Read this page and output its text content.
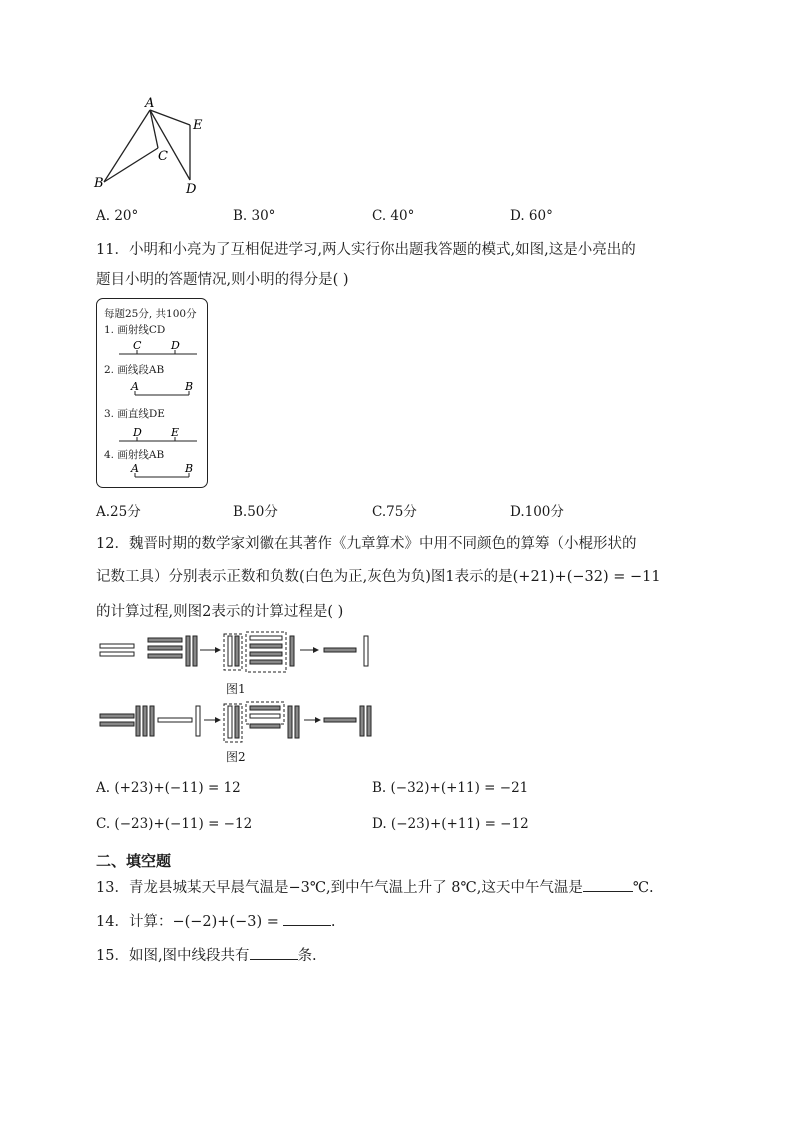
A
B
C
D
E
A. 20°	B. 30°	C. 40°	D. 60°
11．小明和小亮为了互相促进学习,两人实行你出题我答题的模式,如图,这是小亮出的
题目小明的答题情况,则小明的得分是( )
每题25分, 共100分
1. 画射线CD
2. 画线段AB
3. 画直线DE
4. 画射线AB
C	D
A	B
D	E
A	B
A.25分	B.50分	C.75分	D.100分
12．魏晋时期的数学家刘徽在其著作《九章算术》中用不同颜色的算筹（小棍形状的
记数工具）分别表示正数和负数(白色为正,灰色为负)图1表示的是(+21)+(−32) = −11
的计算过程,则图2表示的计算过程是( )
图1
图2
A. (+23)+(−11) = 12	B. (−32)+(+11) = −21
C. (−23)+(−11) = −12	D. (−23)+(+11) = −12
二、填空题
13．青龙县城某天早晨气温是−3℃,到中午气温上升了 8℃,这天中午气温是	℃.
14．计算：−(−2)+(−3) =	.
15．如图,图中线段共有	条.
